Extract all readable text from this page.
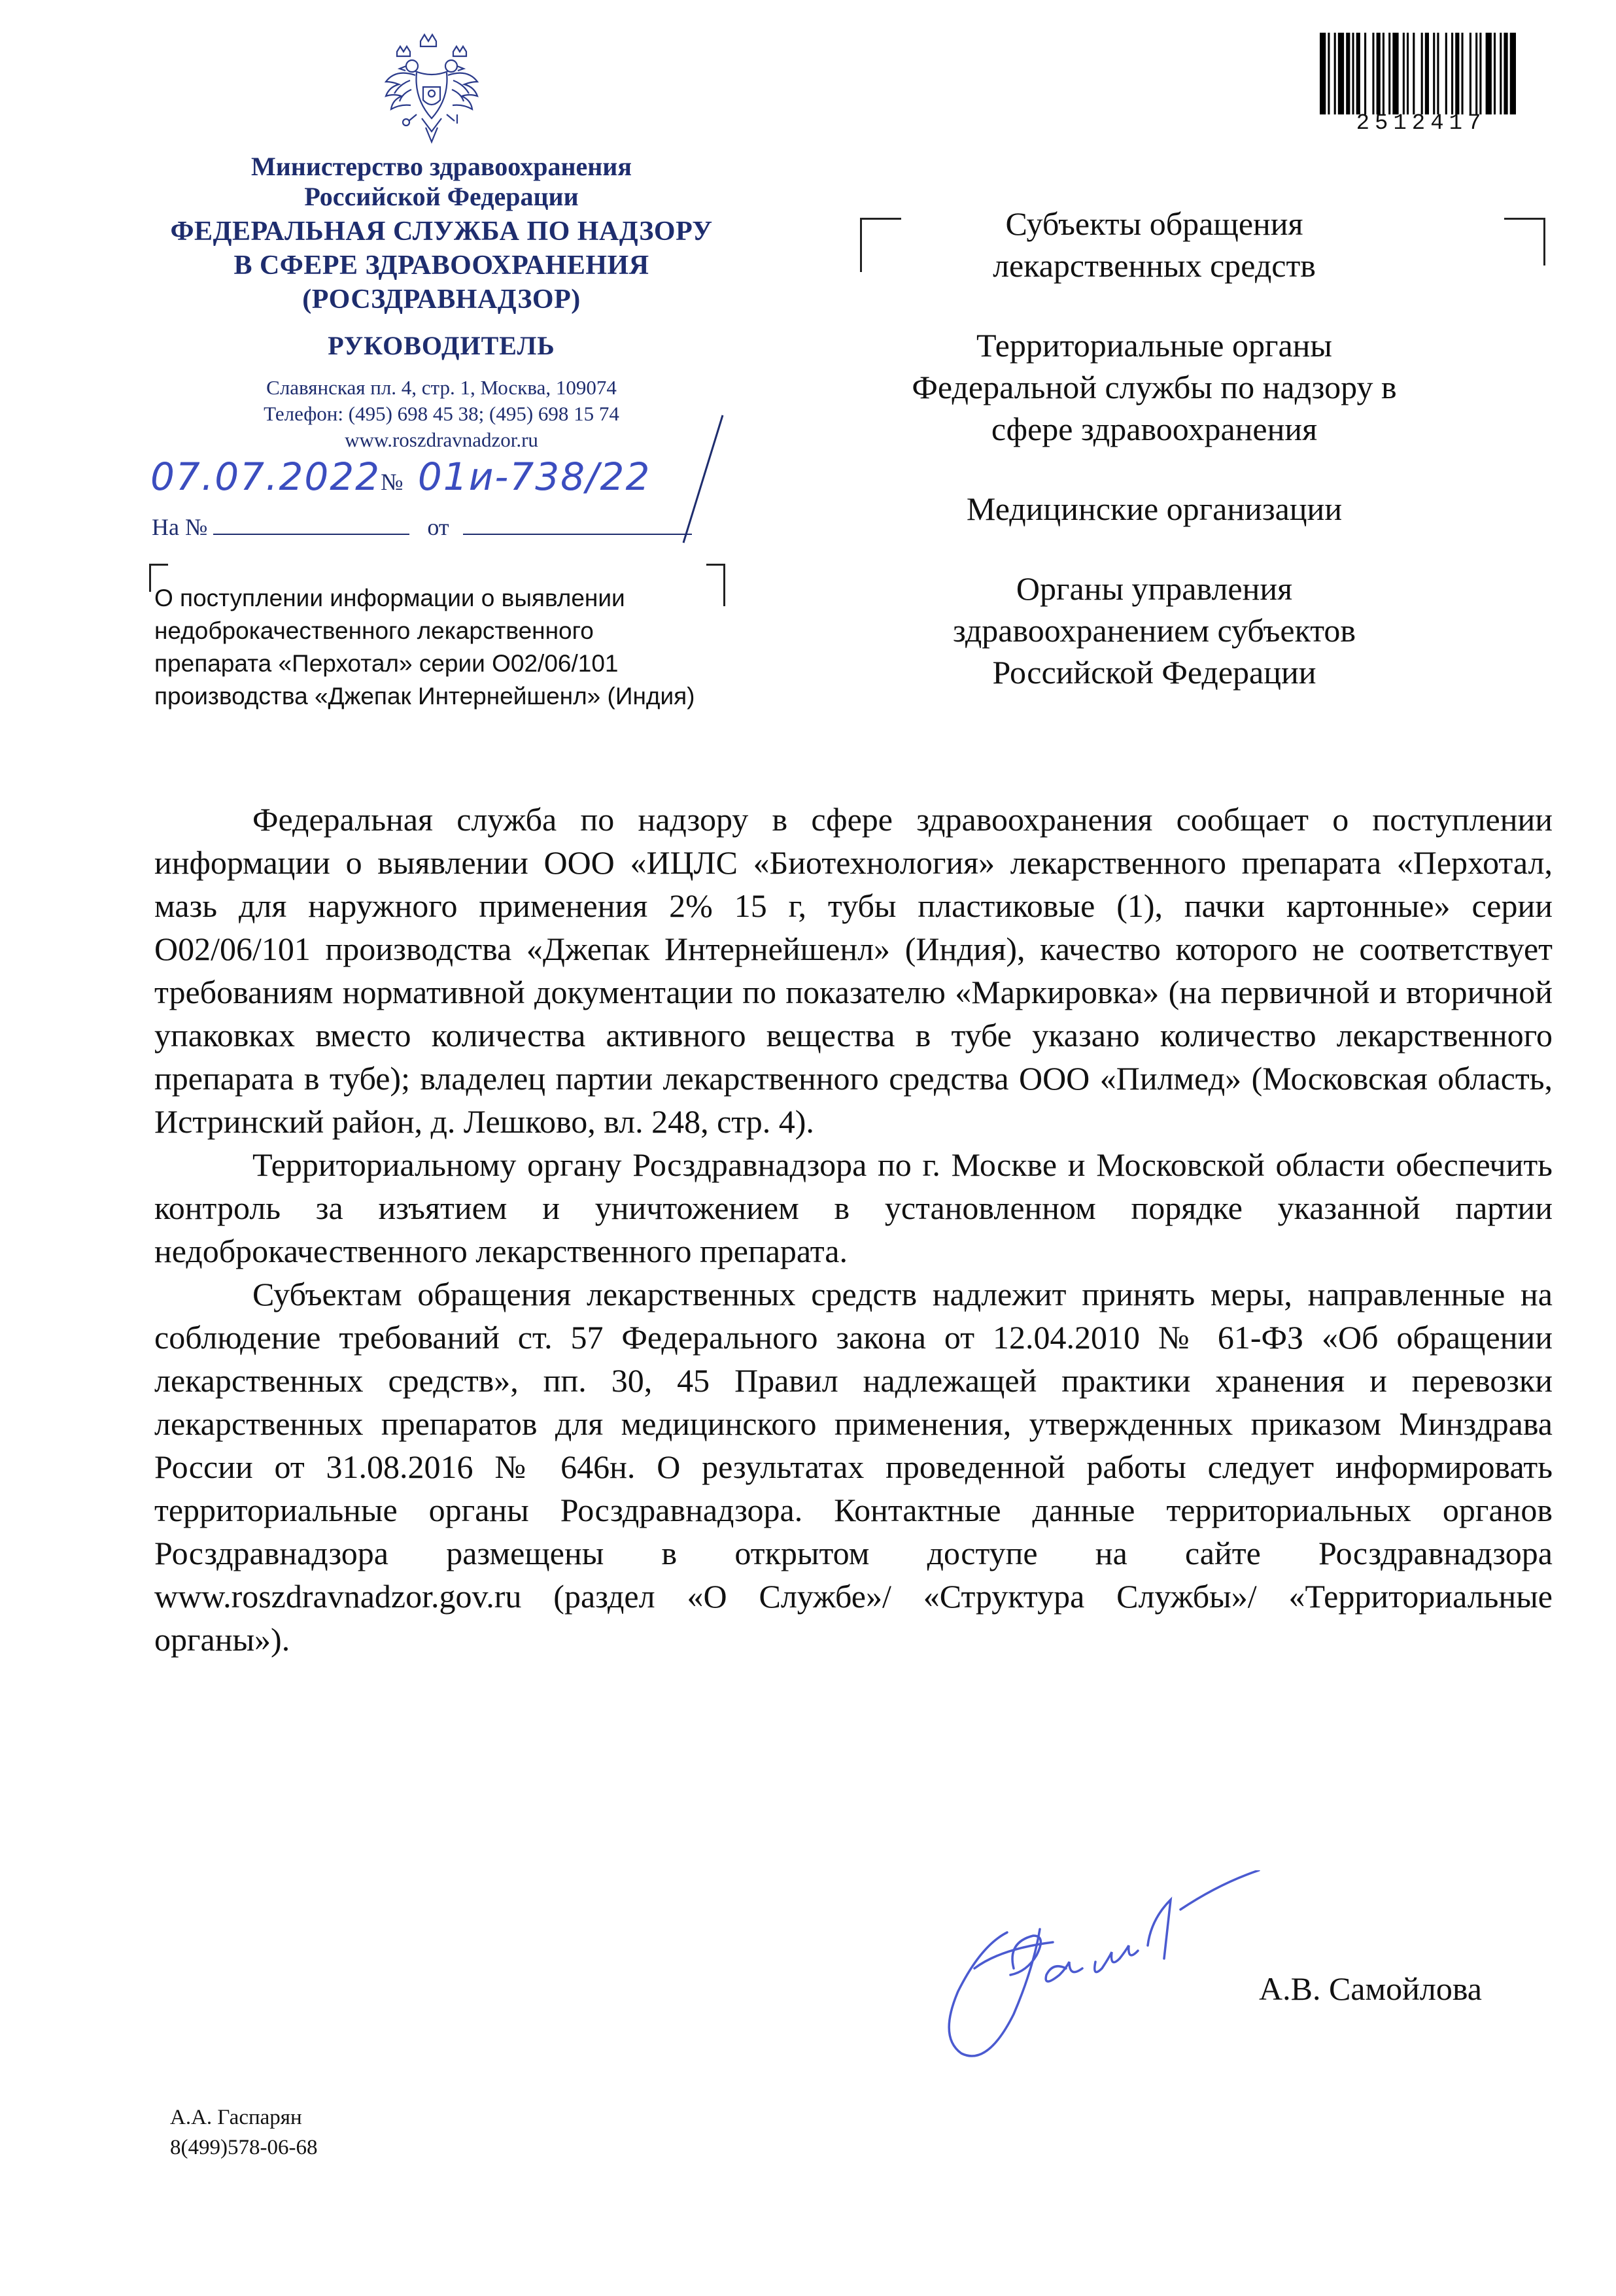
Министерство здравоохранения
Российской Федерации
ФЕДЕРАЛЬНАЯ СЛУЖБА ПО НАДЗОРУ
В СФЕРЕ ЗДРАВООХРАНЕНИЯ
(РОСЗДРАВНАДЗОР)
РУКОВОДИТЕЛЬ
Славянская пл. 4, стр. 1, Москва, 109074
Телефон: (495) 698 45 38; (495) 698 15 74
www.roszdravnadzor.ru
07.07.2022№ 01и-738/22
На №	от
О поступлении информации о выявлении
недоброкачественного лекарственного
препарата «Перхотал» серии О02/06/101
производства «Джепак Интернейшенл» (Индия)
2512417
Субъекты обращения
лекарственных средств
Территориальные органы
Федеральной службы по надзору в
сфере здравоохранения
Медицинские организации
Органы управления
здравоохранением субъектов
Российской Федерации

Федеральная служба по надзору в сфере здравоохранения сообщает о поступлении информации о выявлении ООО «ИЦЛС «Биотехнология» лекарственного препарата «Перхотал, мазь для наружного применения 2% 15 г, тубы пластиковые (1), пачки картонные» серии О02/06/101 производства «Джепак Интернейшенл» (Индия), качество которого не соответствует требованиям нормативной документации по показателю «Маркировка» (на первичной и вторичной упаковках вместо количества активного вещества в тубе указано количество лекарственного препарата в тубе); владелец партии лекарственного средства ООО «Пилмед» (Московская область, Истринский район, д. Лешково, вл. 248, стр. 4).

Территориальному органу Росздравнадзора по г. Москве и Московской области обеспечить контроль за изъятием и уничтожением в установленном порядке указанной партии недоброкачественного лекарственного препарата.

Субъектам обращения лекарственных средств надлежит принять меры, направленные на соблюдение требований ст. 57 Федерального закона от 12.04.2010 № 61-ФЗ «Об обращении лекарственных средств», пп. 30, 45 Правил надлежащей практики хранения и перевозки лекарственных препаратов для медицинского применения, утвержденных приказом Минздрава России от 31.08.2016 № 646н. О результатах проведенной работы следует информировать территориальные органы Росздравнадзора. Контактные данные территориальных органов Росздравнадзора размещены в открытом доступе на сайте Росздравнадзора www.roszdravnadzor.gov.ru (раздел «О Службе»/ «Структура Службы»/ «Территориальные органы»).

А.В. Самойлова
А.А. Гаспарян
8(499)578-06-68
